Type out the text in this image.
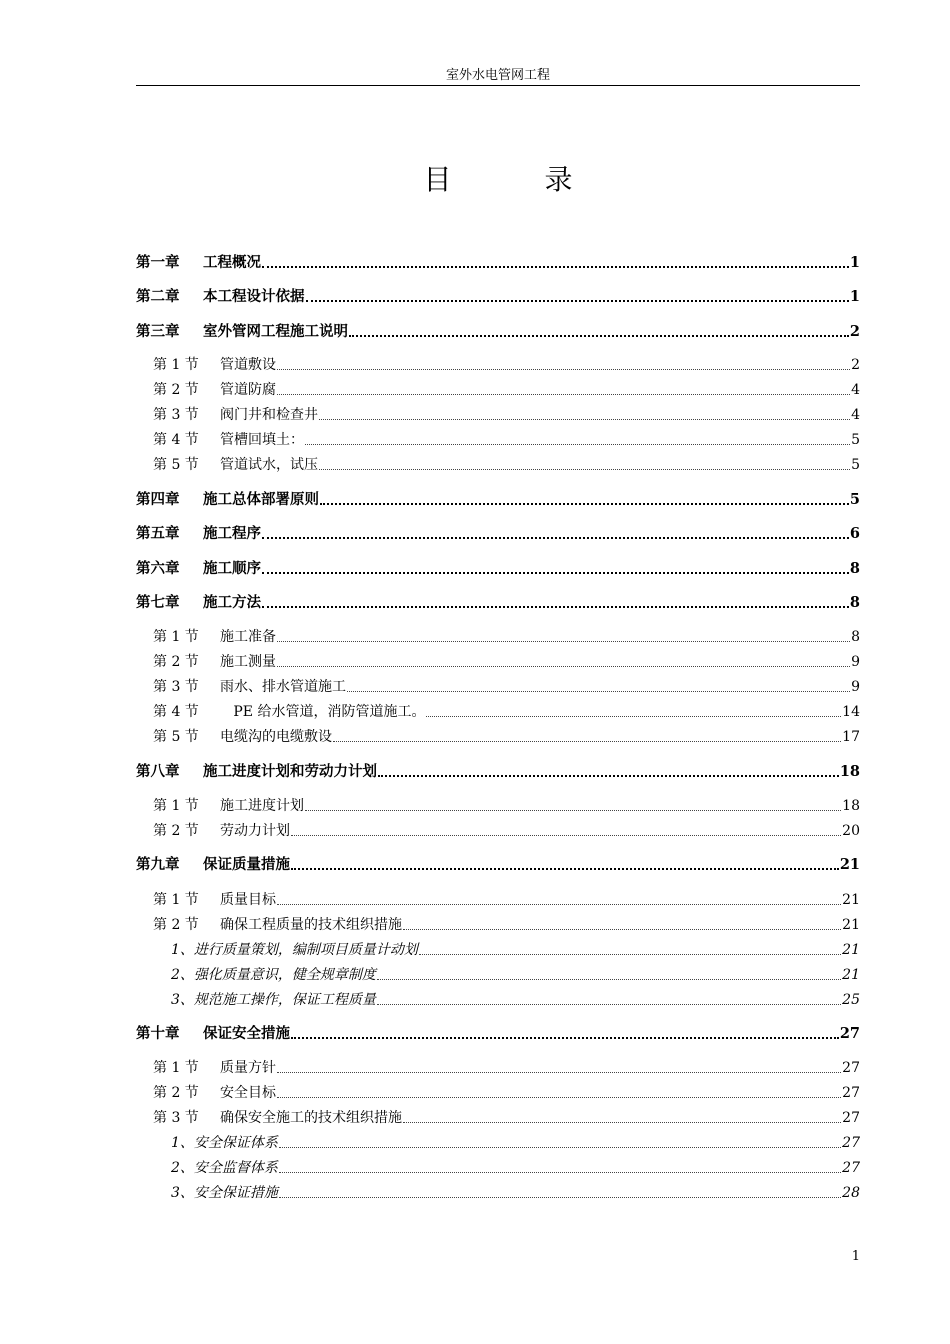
室外水电管网工程
目 录
第一章	工程概况	1
第二章	本工程设计依据	1
第三章	室外管网工程施工说明	2
第 1 节	管道敷设	2
第 2 节	管道防腐	4
第 3 节	阀门井和检查井	4
第 4 节	管槽回填土：	5
第 5 节	管道试水，试压	5
第四章	施工总体部署原则	5
第五章	施工程序	6
第六章	施工顺序	8
第七章	施工方法	8
第 1 节	施工准备	8
第 2 节	施工测量	9
第 3 节	雨水、排水管道施工	9
第 4 节	PE 给水管道，消防管道施工。	14
第 5 节	电缆沟的电缆敷设	17
第八章	施工进度计划和劳动力计划	18
第 1 节	施工进度计划	18
第 2 节	劳动力计划	20
第九章	保证质量措施	21
第 1 节	质量目标	21
第 2 节	确保工程质量的技术组织措施	21
1、进行质量策划，编制项目质量计动划	21
2、强化质量意识，健全规章制度	21
3、规范施工操作，保证工程质量	25
第十章	保证安全措施	27
第 1 节	质量方针	27
第 2 节	安全目标	27
第 3 节	确保安全施工的技术组织措施	27
1、安全保证体系	27
2、安全监督体系	27
3、安全保证措施	28
1
